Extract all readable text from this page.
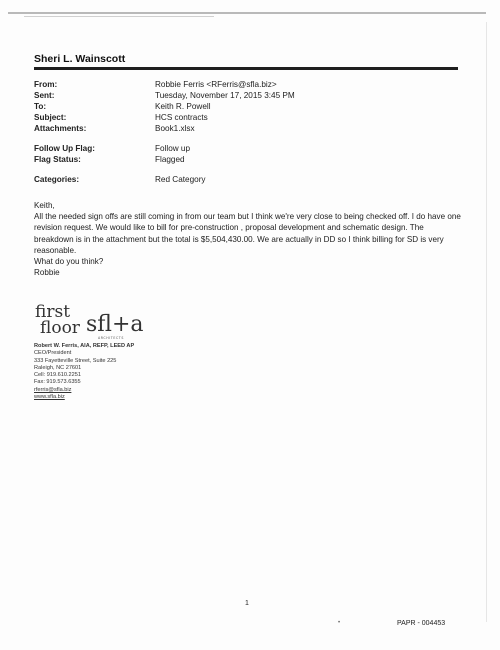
Sheri L. Wainscott
From:	Robbie Ferris <RFerris@sfla.biz>
Sent:	Tuesday, November 17, 2015 3:45 PM
To:	Keith R. Powell
Subject:	HCS contracts
Attachments:	Book1.xlsx
Follow Up Flag:	Follow up
Flag Status:	Flagged
Categories:	Red Category

Keith,

All the needed sign offs are still coming in from our team but I think we're very close to being checked off. I do have one revision request. We would like to bill for pre-construction , proposal development and schematic design. The breakdown is in the attachment but the total is $5,504,430.00. We are actually in DD so I think billing for SD is very reasonable.

What do you think?

Robbie

first
floor sfl+a
ARCHITECTS
Robert W. Ferris, AIA, REFP, LEED AP
CEO/President
333 Fayetteville Street, Suite 225
Raleigh, NC 27601
Cell: 919.610.2251
Fax: 919.573.6355
rferris@sfla.biz
www.sfla.biz
1
•	PAPR - 004453
